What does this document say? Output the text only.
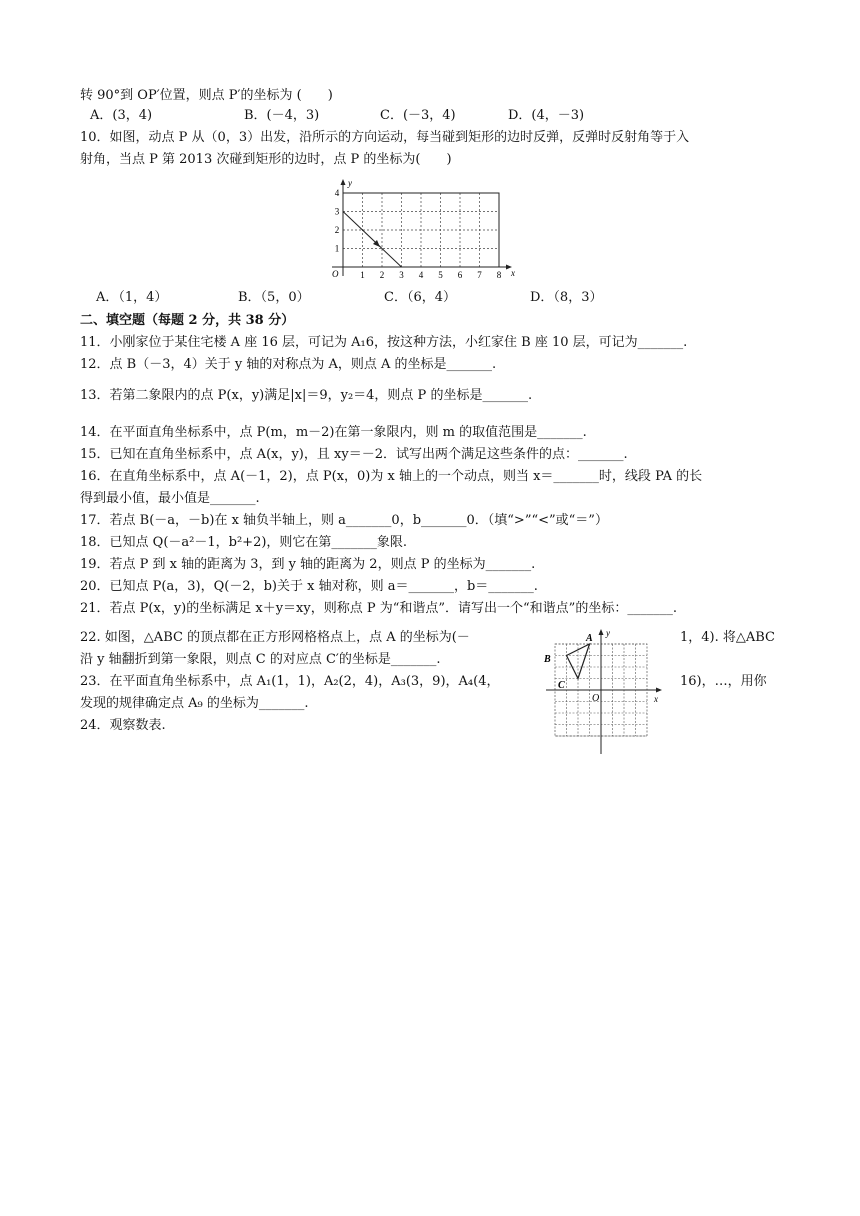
转 90°到 OP′位置，则点 P′的坐标为 (　　)
A．(3，4)	B．(－4，3)	C．(－3，4)	D．(4，－3)
10．如图，动点 P 从（0，3）出发，沿所示的方向运动，每当碰到矩形的边时反弹，反弹时反射角等于入
射角，当点 P 第 2013 次碰到矩形的边时，点 P 的坐标为(　　)
y
x
O 1 2 3 4 5 6 7 8
1
2
3
4
A．（1，4）	B．（5，0）	C．（6，4）	D．（8，3）
二、填空题（每题 2 分，共 38 分）
11．小刚家位于某住宅楼 A 座 16 层，可记为 A₁6，按这种方法，小红家住 B 座 10 层，可记为_______.
12．点 B（－3，4）关于 y 轴的对称点为 A，则点 A 的坐标是_______.
13．若第二象限内的点 P(x，y)满足|x|＝9，y₂＝4，则点 P 的坐标是_______.
14．在平面直角坐标系中，点 P(m，m－2)在第一象限内，则 m 的取值范围是_______.
15．已知在直角坐标系中，点 A(x，y)，且 xy＝－2．试写出两个满足这些条件的点：_______.
16．在直角坐标系中，点 A(－1，2)，点 P(x，0)为 x 轴上的一个动点，则当 x＝_______时，线段 PA 的长
得到最小值，最小值是_______.
17．若点 B(－a，－b)在 x 轴负半轴上，则 a_______0，b_______0．（填“>”“<”或“＝”）
18．已知点 Q(－a²－1，b²+2)，则它在第_______象限.
19．若点 P 到 x 轴的距离为 3，到 y 轴的距离为 2，则点 P 的坐标为_______.
20．已知点 P(a，3)，Q(－2，b)关于 x 轴对称，则 a＝_______，b＝_______.
21．若点 P(x，y)的坐标满足 x＋y＝xy，则称点 P 为“和谐点”．请写出一个“和谐点”的坐标：_______.
22. 如图，△ABC 的顶点都在正方形网格格点上，点 A 的坐标为(－	1，4). 将△ABC
沿 y 轴翻折到第一象限，则点 C 的对应点 C′的坐标是_______.
23．在平面直角坐标系中，点 A₁(1，1)，A₂(2，4)，A₃(3，9)，A₄(4，	16)，…，用你
发现的规律确定点 A₉ 的坐标为_______.
24．观察数表.
A
B
C
O	x
y
